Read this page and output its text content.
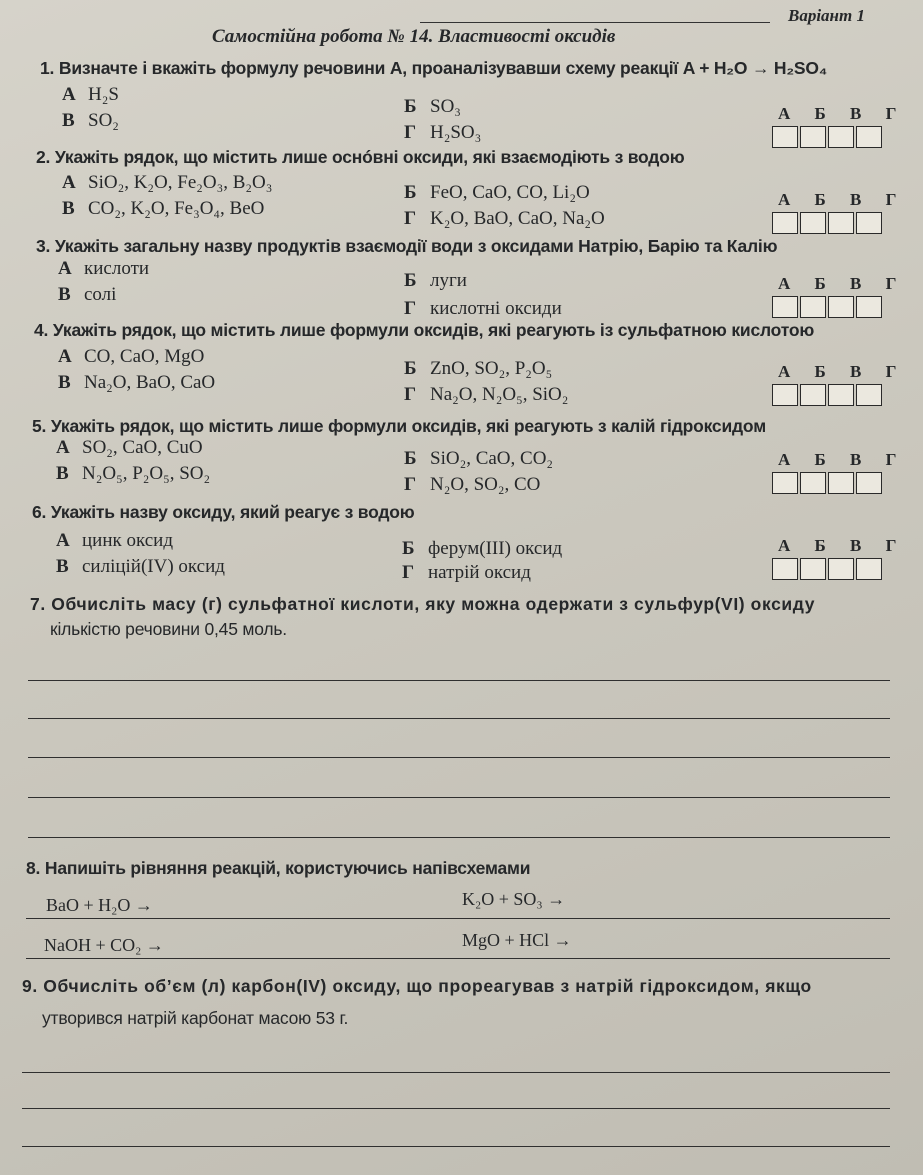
Варіант 1
Самостійна робота № 14. Властивості оксидів
1. Визначте і вкажіть формулу речовини А, проаналізувавши схему реакції A + H₂O → H₂SO₄
А H₂S
Б SO₃
В SO₂
Г H₂SO₃
А Б В Г
2. Укажіть рядок, що містить лише оснóвні оксиди, які взаємодіють з водою
А SiO₂, K₂O, Fe₂O₃, B₂O₃	Б FeO, CaO, CO, Li₂O
В CO₂, K₂O, Fe₃O₄, BeO	Г K₂O, BaO, CaO, Na₂O
А Б В Г
3. Укажіть загальну назву продуктів взаємодії води з оксидами Натрію, Барію та Калію
А кислоти
Б луги
В солі
Г кислотні оксиди
А Б В Г
4. Укажіть рядок, що містить лише формули оксидів, які реагують із сульфатною кислотою
А CO, CaO, MgO
Б ZnO, SO₂, P₂O₅
В Na₂O, BaO, CaO
Г Na₂O, N₂O₅, SiO₂
А Б В Г
5. Укажіть рядок, що містить лише формули оксидів, які реагують з калій гідроксидом
А SO₂, CaO, CuO
Б SiO₂, CaO, CO₂
В N₂O₅, P₂O₅, SO₂
Г N₂O, SO₂, CO
А Б В Г
6. Укажіть назву оксиду, який реагує з водою
А цинк оксид	Б ферум(III) оксид
В силіцій(IV) оксид	Г натрій оксид
А Б В Г
7. Обчисліть масу (г) сульфатної кислоти, яку можна одержати з сульфур(VI) оксиду
кількістю речовини 0,45 моль.
8. Напишіть рівняння реакцій, користуючись напівсхемами
BaO + H₂O →	K₂O + SO₃ →
NaOH + CO₂ →	MgO + HCl →
9. Обчисліть об’єм (л) карбон(IV) оксиду, що прореагував з натрій гідроксидом, якщо
утворився натрій карбонат масою 53 г.
